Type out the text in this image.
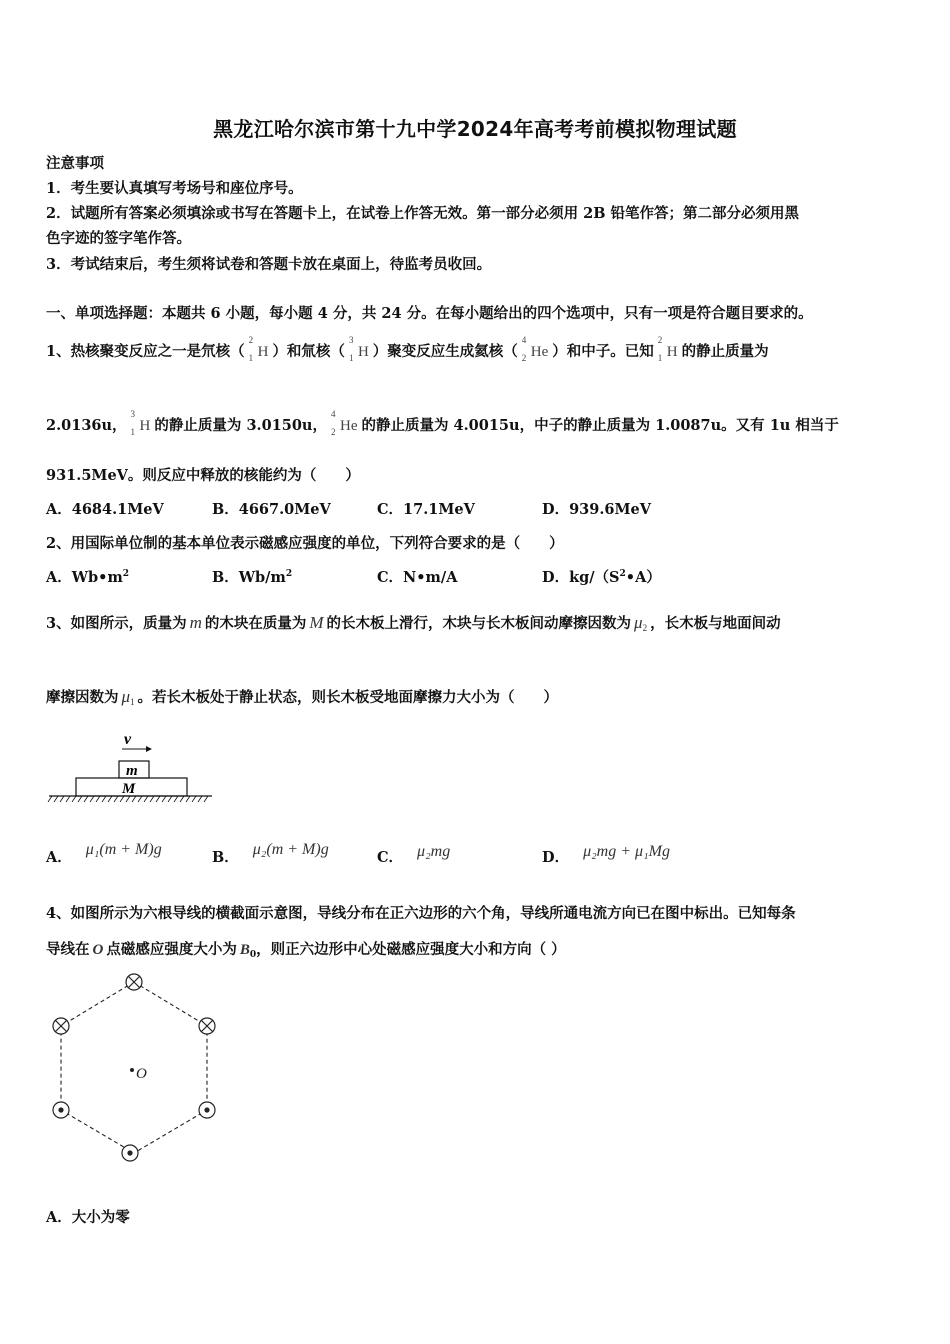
黑龙江哈尔滨市第十九中学2024年高考考前模拟物理试题
注意事项
1．考生要认真填写考场号和座位序号。
2．试题所有答案必须填涂或书写在答题卡上，在试卷上作答无效。第一部分必须用 2B 铅笔作答；第二部分必须用黑
色字迹的签字笔作答。
3．考试结束后，考生须将试卷和答题卡放在桌面上，待监考员收回。
一、单项选择题：本题共 6 小题，每小题 4 分，共 24 分。在每小题给出的四个选项中，只有一项是符合题目要求的。
1、热核聚变反应之一是氘核（
2
1 H ）和氚核（
3
1 H ）聚变反应生成氦核（
4
2 He ）和中子。已知
2
1 H 的静止质量为
2.0136u，
3
1 H 的静止质量为 3.0150u，
4
2 He 的静止质量为 4.0015u，中子的静止质量为 1.0087u。又有 1u 相当于
931.5MeV。则反应中释放的核能约为（　　）
A．4684.1MeV	B．4667.0MeV	C．17.1MeV	D．939.6MeV
2、用国际单位制的基本单位表示磁感应强度的单位，下列符合要求的是（　　）
A．$Wb•m^2$	B．$Wb/m^2$	C．N•m/A	D．$kg/(S^2•A)$
3、如图所示，质量为 m 的木块在质量为 M 的长木板上滑行，木块与长木板间动摩擦因数为 $\mu_2$ ，长木板与地面间动
摩擦因数为 $\mu_1$ 。若长木板处于静止状态，则长木板受地面摩擦力大小为（　　）
v
m
M
A． μ₁(m + M)g	B． μ₂(m + M)g	C． μ₂mg	D． μ₂mg + μ₁Mg
4、如图所示为六根导线的横截面示意图，导线分布在正六边形的六个角，导线所通电流方向已在图中标出。已知每条
导线在 O 点磁感应强度大小为 $B_0$，则正六边形中心处磁感应强度大小和方向（ ）
O
A．大小为零
